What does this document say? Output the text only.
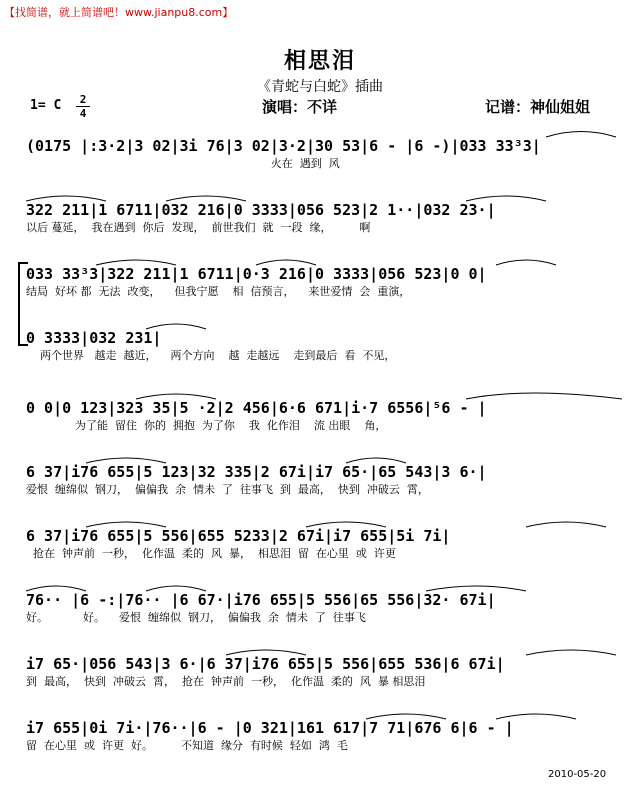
【找简谱，就上简谱吧！www.jianpu8.com】
相思泪
《青蛇与白蛇》插曲
1= C	2
4	演唱：不详	记谱：神仙姐姐
(0175 |:3·2|3 02|3i 76|3 02|3·2|30 53|6 - |6 -)|033 33³3|
火在  遇到  风
322 211|1 6711|032 216|0 3333|056 523|2 1··|032 23·|
以后 蔓延，  我在遇到  你后  发现，  前世我们  就  一段  缘，        啊
033 33³3|322 211|1 6711|0·3 216|0 3333|056 523|0 0|
结局  好坏 都  无法  改变，    但我宁愿    相  信预言，    来世爱情  会  重演，
0 3333|032 231|
两个世界   越走  越近，    两个方向    越  走越远    走到最后  看  不见，
0 0|0 123|323 35|5 ·2|2 456|6·6 671|i·7 6556|⁵6 - |
为了能  留住  你的  拥抱  为了你    我  化作泪    流 出眼    角，
6 37|i76 655|5 123|32 335|2 67i|i7 65·|65 543|3 6·|
爱恨  缠绵似  钢刀，  偏偏我  余  情未  了  往事飞  到  最高，  快到  冲破云  霄，
6 37|i76 655|5 556|655 5233|2 67i|i7 655|5i 7i|
抢在  钟声前  一秒，  化作温  柔的  风  暴，  相思泪  留  在心里  或  许更
76·· |6 -:|76·· |6 67·|i76 655|5 556|65 556|32· 67i|
好。          好。    爱恨  缠绵似  钢刀，  偏偏我  余  情未  了  往事飞
i7 65·|056 543|3 6·|6 37|i76 655|5 556|655 536|6 67i|
到  最高，  快到  冲破云  霄，  抢在  钟声前  一秒，  化作温  柔的  风  暴 相思泪
i7 655|0i 7i·|76··|6 - |0 321|161 617|7 71|676 6|6 - |
留  在心里  或  许更  好。        不知道  缘分  有时候  轻如  鸿  毛
2010-05-20
